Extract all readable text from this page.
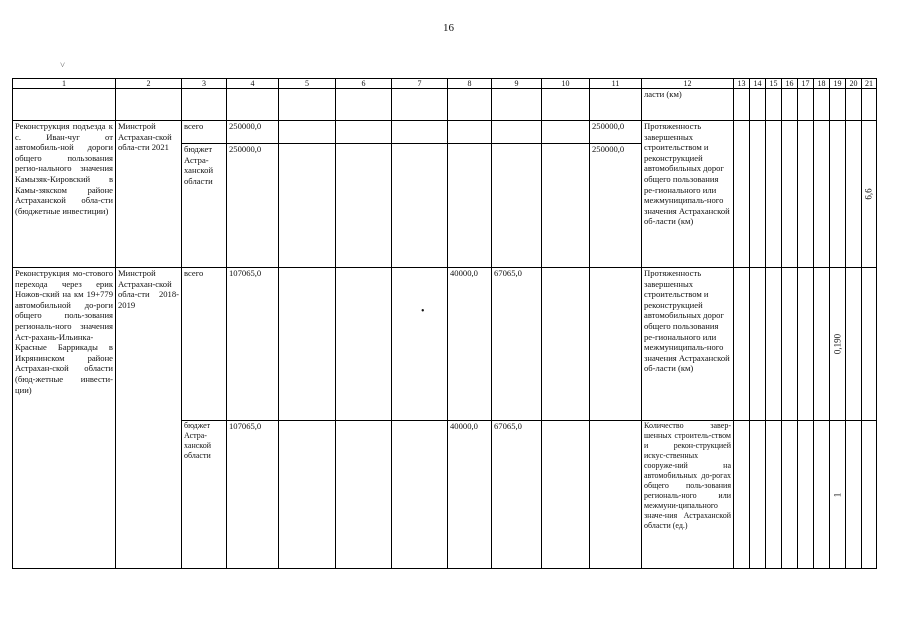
16
˅
•
1	2	3	4	5	6	7	8	9	10	11	12	13	14	15	16	17	18	19	20	21
											ласти (км)									
Реконструкция подъезда к с. Иван-чуг от автомобиль-ной дороги общего пользования регио-нального значения Камызяк-Кировский в Камы-зякском районе Астраханской обла-сти (бюджетные инвестиции)	Минстрой Астрахан-ской обла-сти 2021	всего	250000,0							250000,0	Протяженность завершенных строительством и реконструкцией автомобильных дорог общего пользования ре-гионального или межмуниципаль-ного значения Астраханской об-ласти (км)									6,6

		бюджет Астра-ханской области	250000,0							250000,0										
Реконструкция мо-стового перехода через ерик Ножов-ский на км 19+779 автомобильной до-роги общего поль-зования региональ-ного значения Аст-рахань-Ильинка-Красные Баррикады в Икрянинском районе Астрахан-ской области (бюд-жетные инвести-ции)	Минстрой Астрахан-ской обла-сти 2018-2019	всего	107065,0				40000,0	67065,0			Протяженность завершенных строительством и реконструкцией автомобильных дорог общего пользования ре-гионального или межмуниципаль-ного значения Астраханской об-ласти (км)							0,190		

		бюджет Астра-ханской области	107065,0				40000,0	67065,0			Количество завер-шенных строитель-ством и рекон-струкцией искус-ственных сооруже-ний на автомобильных до-рогах общего поль-зования региональ-ного или межмуни-ципального значе-ния Астраханской области (ед.)							1		
